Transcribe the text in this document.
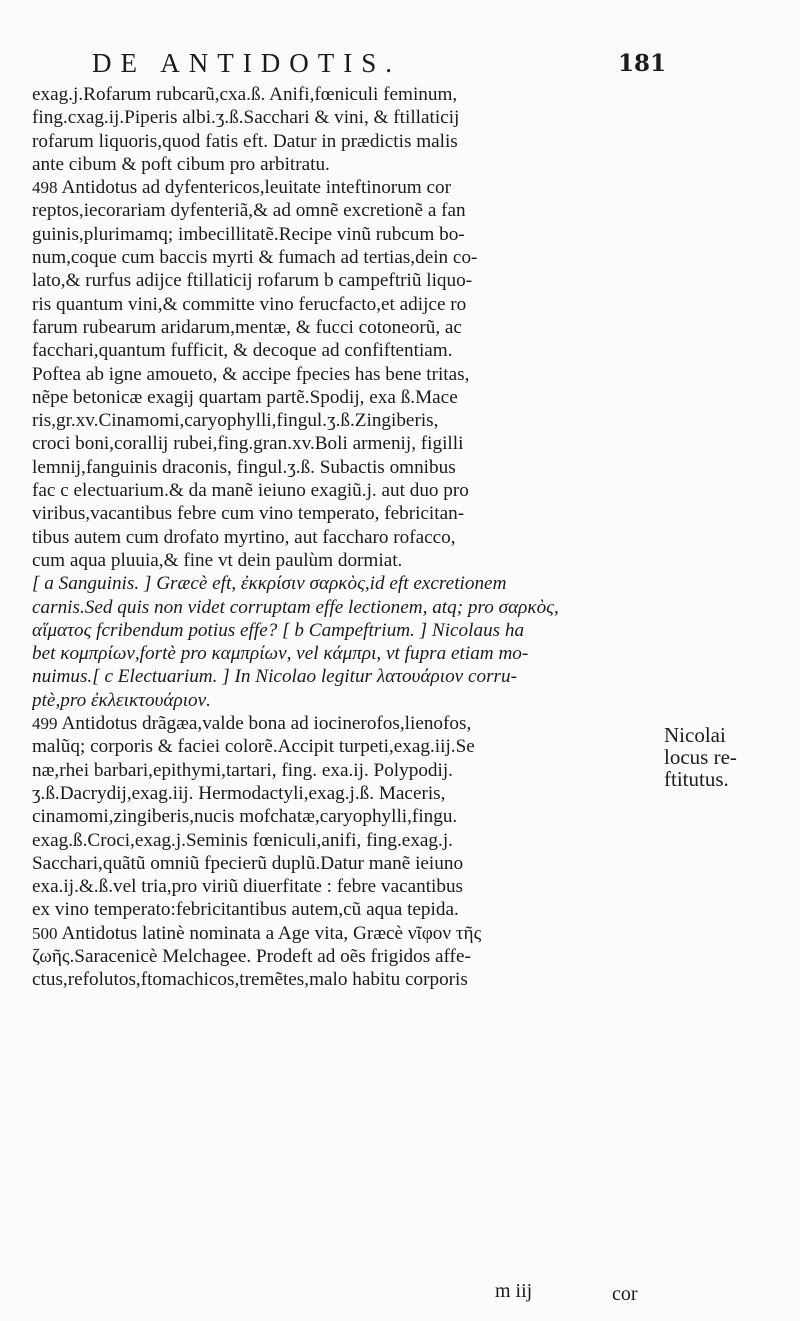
DE ANTIDOTIS.	181
exag.j.Rofarum rubcarũ,cxa.ß. Anifi,fœniculi feminum,
fing.cxag.ij.Piperis albi.ʒ.ß.Sacchari & vini, & ftillaticij
rofarum liquoris,quod fatis eft. Datur in prædictis malis
ante cibum & poft cibum pro arbitratu.
498 Antidotus ad dyfentericos,leuitate inteftinorum cor
reptos,iecorariam dyfenteriã,& ad omnẽ excretionẽ a fan
guinis,plurimamq; imbecillitatẽ.Recipe vinũ rubcum bo-
num,coque cum baccis myrti & fumach ad tertias,dein co-
lato,& rurfus adijce ftillaticij rofarum b campeftriũ liquo-
ris quantum vini,& committe vino ferucfacto,et adijce ro
farum rubearum aridarum,mentæ, & fucci cotoneorũ, ac
facchari,quantum fufficit, & decoque ad confiftentiam.
Poftea ab igne amoueto, & accipe fpecies has bene tritas,
nẽpe betonicæ exagij quartam partẽ.Spodij, exa ß.Mace
ris,gr.xv.Cinamomi,caryophylli,fingul.ʒ.ß.Zingiberis,
croci boni,corallij rubei,fing.gran.xv.Boli armenij, figilli
lemnij,fanguinis draconis, fingul.ʒ.ß. Subactis omnibus
fac c electuarium.& da manẽ ieiuno exagiũ.j. aut duo pro
viribus,vacantibus febre cum vino temperato, febricitan-
tibus autem cum drofato myrtino, aut faccharo rofacco,
cum aqua pluuia,& fine vt dein paulùm dormiat.
[ a Sanguinis. ] Græcè eft, ἐκκρίσιν σαρκὸς,id eft excretionem
carnis.Sed quis non videt corruptam effe lectionem, atq; pro σαρκὸς,
αἵματος fcribendum potius effe? [ b Campeftrium. ] Nicolaus ha
bet κομπρίων,fortè pro καμπρίων, vel κάμπρι, vt fupra etiam mo-
nuimus.[ c Electuarium. ] In Nicolao legitur λατουάριον corru-
ptè,pro ἐκλεικτουάριον.
499 Antidotus drãgæa,valde bona ad iocinerofos,lienofos,
malũq; corporis & faciei colorẽ.Accipit turpeti,exag.iij.Se
næ,rhei barbari,epithymi,tartari, fing. exa.ij. Polypodij.
ʒ.ß.Dacrydij,exag.iij. Hermodactyli,exag.j.ß. Maceris,
cinamomi,zingiberis,nucis mofchatæ,caryophylli,fingu.
exag.ß.Croci,exag.j.Seminis fœniculi,anifi, fing.exag.j.
Sacchari,quãtũ omniũ fpecierũ duplũ.Datur manẽ ieiuno
exa.ij.&.ß.vel tria,pro viriũ diuerfitate : febre vacantibus
ex vino temperato:febricitantibus autem,cũ aqua tepida.
500 Antidotus latinè nominata a Age vita, Græcè νῖφον τῆς
ζωῆς.Saracenicè Melchagee. Prodeft ad oẽs frigidos affe-
ctus,refolutos,ftomachicos,tremẽtes,malo habitu corporis
Nicolai
locus re-
ftitutus.
m iij	cor
